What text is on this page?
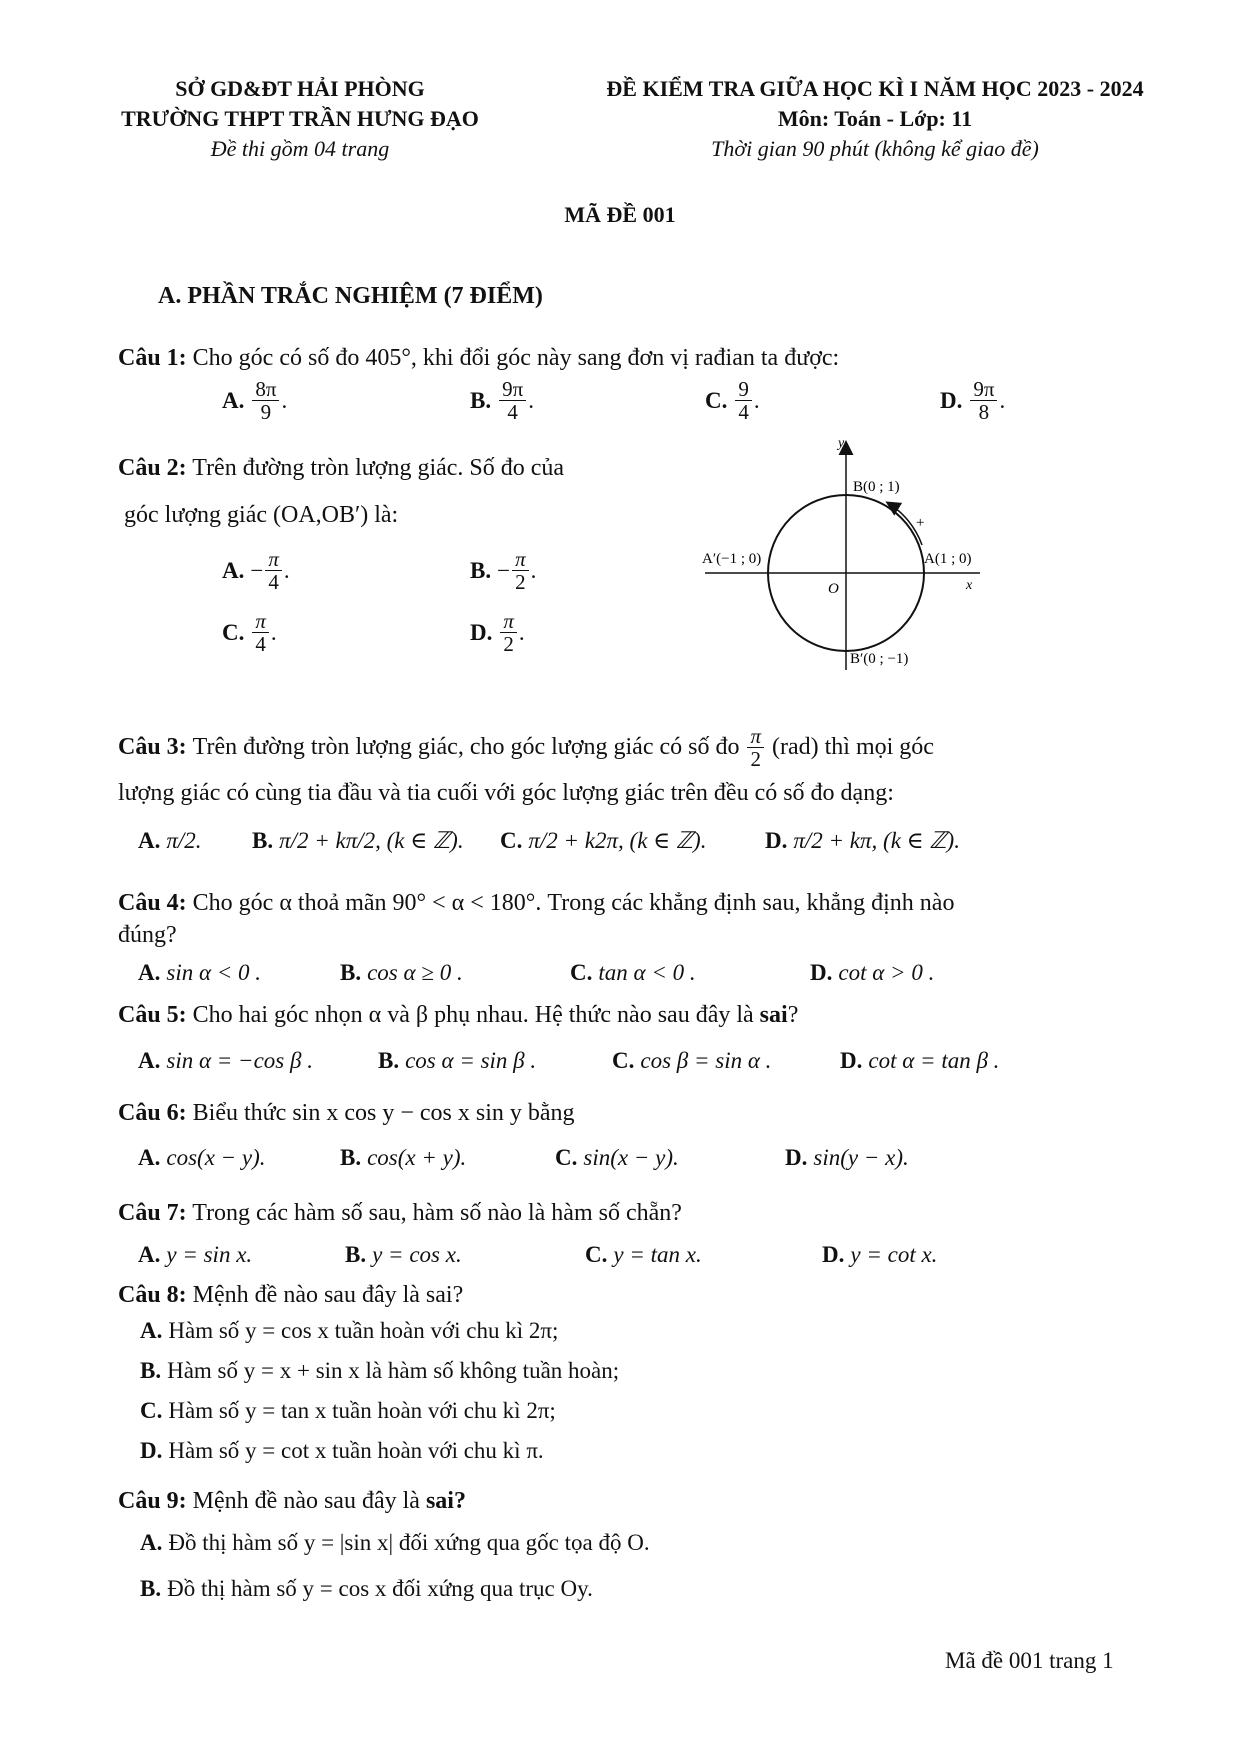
SỞ GD&ĐT HẢI PHÒNG
TRƯỜNG THPT TRẦN HƯNG ĐẠO
Đề thi gồm 04 trang
ĐỀ KIỂM TRA GIỮA HỌC KÌ I NĂM HỌC 2023 - 2024
Môn: Toán - Lớp: 11
Thời gian 90 phút (không kể giao đề)
MÃ ĐỀ 001
A. PHẦN TRẮC NGHIỆM (7 ĐIỂM)
Câu 1: Cho góc có số đo 405°, khi đổi góc này sang đơn vị rađian ta được:
A. $\frac{8\pi}{9}$ .	B. $\frac{9\pi}{4}$ .	C. $\frac{9}{4}$ .	D. $\frac{9\pi}{8}$ .
Câu 2: Trên đường tròn lượng giác. Số đo của
góc lượng giác (OA,OB′) là:
A. − $\frac{\pi}{4}$ .	B. − $\frac{\pi}{2}$ .
C. $\frac{\pi}{4}$ .	D. $\frac{\pi}{2}$ .
y
x
O
B(0 ; 1)
A′(−1 ; 0)	A(1 ; 0)
B′(0 ; −1)
+
Câu 3:
Trên đường tròn lượng giác, cho góc lượng giác có số đo
$\frac{\pi}{2}$
(rad) thì mọi góc
lượng giác có cùng tia đầu và tia cuối với góc lượng giác trên đều có số đo dạng:
A. π/2. B. π/2 + kπ/2, (k ∈ ℤ). C. π/2 + k2π, (k ∈ ℤ).	D. π/2 + kπ, (k ∈ ℤ).
Câu 4: Cho góc α thoả mãn 90° < α < 180°. Trong các khẳng định sau, khẳng định nào
đúng?
A. sin α < 0 .	B. cos α ≥ 0 .	C. tan α < 0 .	D. cot α > 0 .
Câu 5: Cho hai góc nhọn α và β phụ nhau. Hệ thức nào sau đây là sai?
A. sin α = −cos β .	B. cos α = sin β .	C. cos β = sin α .	D. cot α = tan β .
Câu 6: Biểu thức sin x cos y − cos x sin y bằng
A. cos(x − y).	B. cos(x + y).	C. sin(x − y).	D. sin(y − x).
Câu 7: Trong các hàm số sau, hàm số nào là hàm số chẵn?
A. y = sin x.	B. y = cos x.	C. y = tan x.	D. y = cot x.
Câu 8: Mệnh đề nào sau đây là sai?
A. Hàm số y = cos x tuần hoàn với chu kì 2π;
B. Hàm số y = x + sin x là hàm số không tuần hoàn;
C. Hàm số y = tan x tuần hoàn với chu kì 2π;
D. Hàm số y = cot x tuần hoàn với chu kì π.
Câu 9: Mệnh đề nào sau đây là sai?
A. Đồ thị hàm số y = |sin x| đối xứng qua gốc tọa độ O.
B. Đồ thị hàm số y = cos x đối xứng qua trục Oy.
Mã đề 001 trang 1
